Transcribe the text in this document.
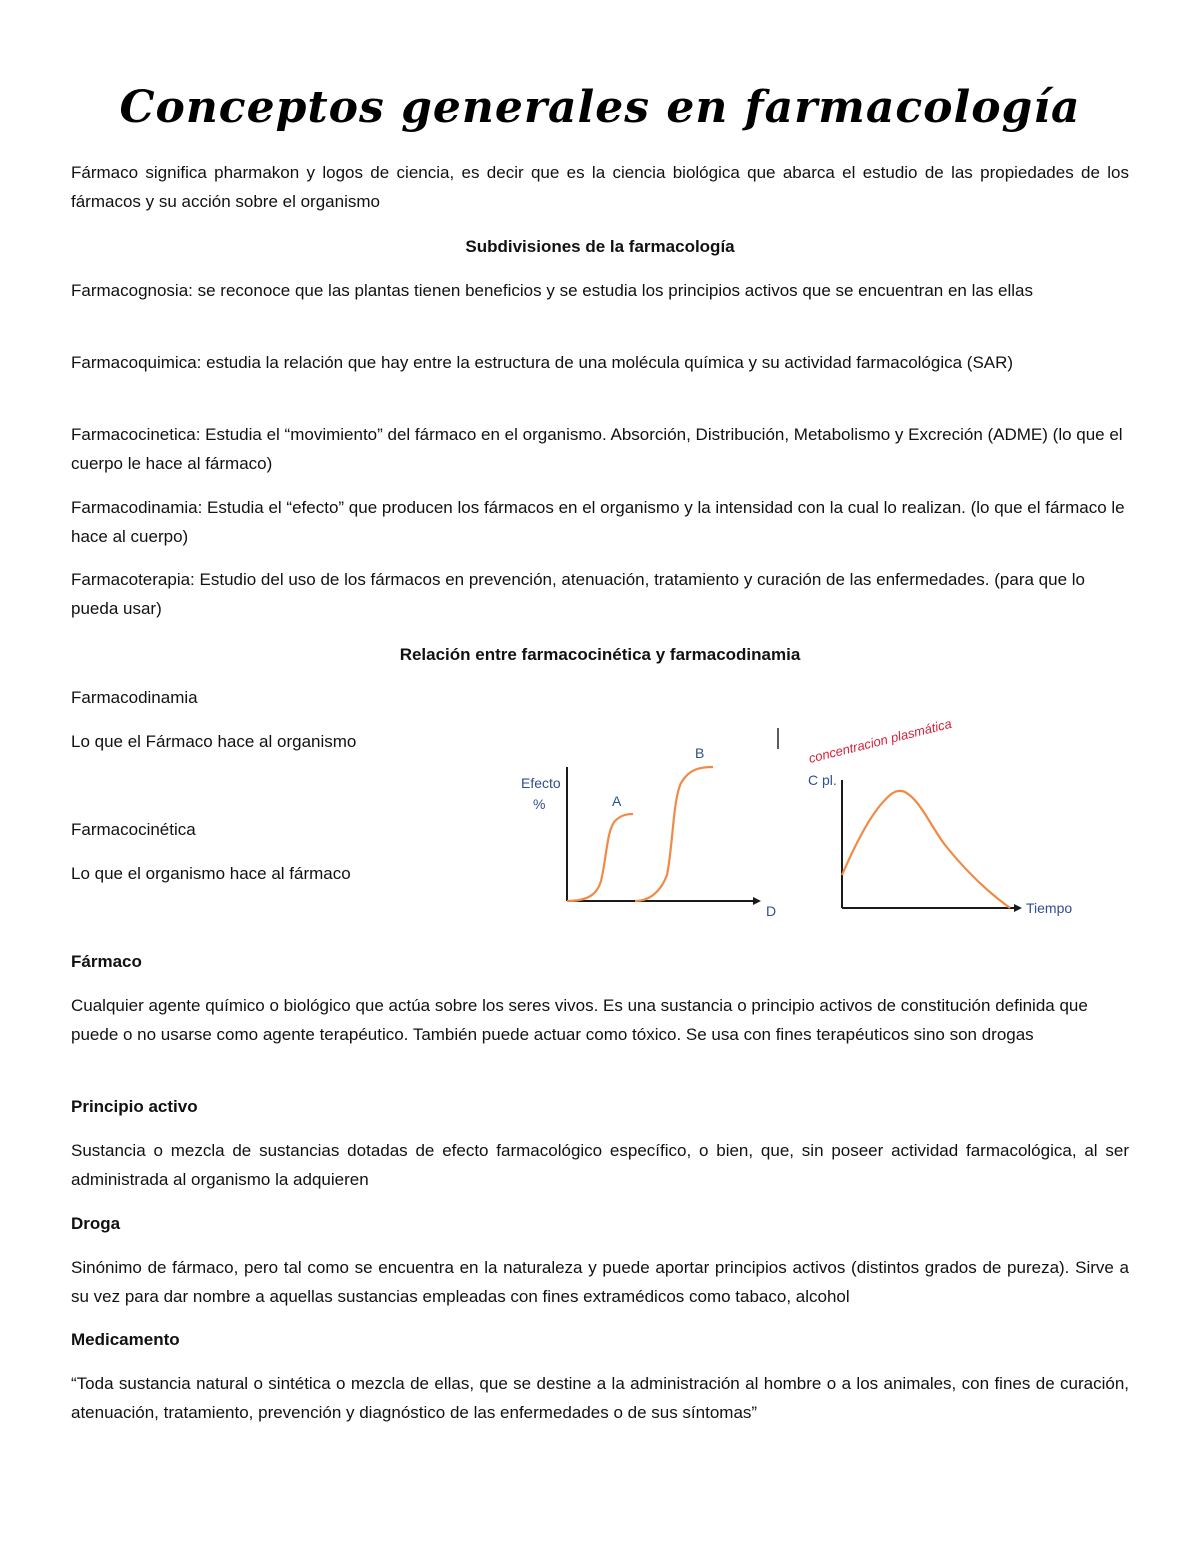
Conceptos generales en farmacología
Fármaco significa pharmakon y logos de ciencia, es decir que es la ciencia biológica que abarca el estudio de las propiedades de los fármacos y su acción sobre el organismo
Subdivisiones de la farmacología
Farmacognosia: se reconoce que las plantas tienen beneficios y se estudia los principios activos que se encuentran en las ellas
Farmacoquimica: estudia la relación que hay entre la estructura de una molécula química y su actividad farmacológica (SAR)
Farmacocinetica: Estudia el “movimiento” del fármaco en el organismo. Absorción, Distribución, Metabolismo y Excreción (ADME) (lo que el cuerpo le hace al fármaco)
Farmacodinamia: Estudia el “efecto” que producen los fármacos en el organismo y la intensidad con la cual lo realizan. (lo que el fármaco le hace al cuerpo)
Farmacoterapia: Estudio del uso de los fármacos en prevención, atenuación, tratamiento y curación de las enfermedades. (para que lo pueda usar)
Relación entre farmacocinética y farmacodinamia
Farmacodinamia
Lo que el Fármaco hace al organismo
Farmacocinética
Lo que el organismo hace al fármaco
Efecto
%	A
B
D
C pl.
Tiempo
concentracion plasmática
Fármaco
Cualquier agente químico o biológico que actúa sobre los seres vivos. Es una sustancia o principio activos de constitución definida que puede o no usarse como agente terapéutico. También puede actuar como tóxico. Se usa con fines terapéuticos sino son drogas
Principio activo
Sustancia o mezcla de sustancias dotadas de efecto farmacológico específico, o bien, que, sin poseer actividad farmacológica, al ser administrada al organismo la adquieren
Droga
Sinónimo de fármaco, pero tal como se encuentra en la naturaleza y puede aportar principios activos (distintos grados de pureza). Sirve a su vez para dar nombre a aquellas sustancias empleadas con fines extramédicos como tabaco, alcohol
Medicamento
“Toda sustancia natural o sintética o mezcla de ellas, que se destine a la administración al hombre o a los animales, con fines de curación, atenuación, tratamiento, prevención y diagnóstico de las enfermedades o de sus síntomas”
